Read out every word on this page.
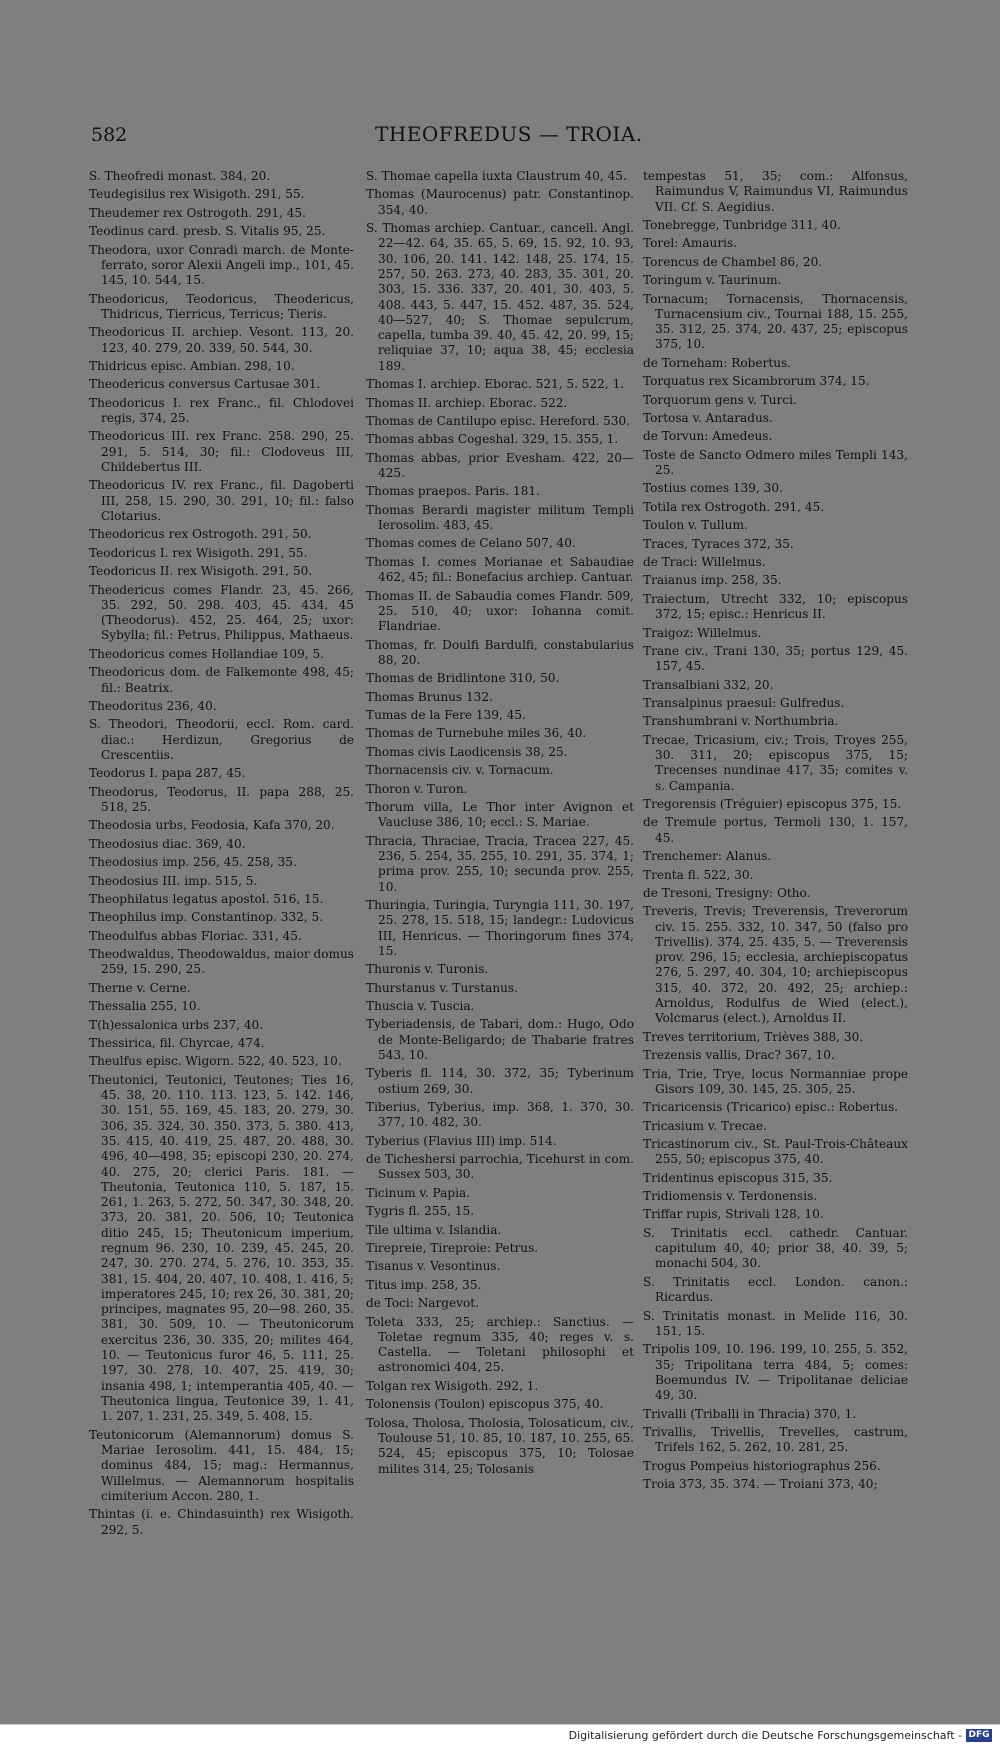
582	THEOFREDUS — TROIA.
S. Theofredi monast. 384, 20.
Teudegisilus rex Wisigoth. 291, 55.
Theudemer rex Ostrogoth. 291, 45.
Teodinus card. presb. S. Vitalis 95, 25.
Theodora, uxor Conradi march. de Monte-ferrato, soror Alexii Angeli imp., 101, 45. 145, 10. 544, 15.
Theodoricus, Teodoricus, Theodericus, Thidricus, Tierricus, Terricus; Tieris.
Theodoricus II. archiep. Vesont. 113, 20. 123, 40. 279, 20. 339, 50. 544, 30.
Thidricus episc. Ambian. 298, 10.
Theodericus conversus Cartusae 301.
Theodoricus I. rex Franc., fil. Chlodovei regis, 374, 25.
Theodoricus III. rex Franc. 258. 290, 25. 291, 5. 514, 30; fil.: Clodoveus III, Childebertus III.
Theodoricus IV. rex Franc., fil. Dagoberti III, 258, 15. 290, 30. 291, 10; fil.: falso Clotarius.
Theodoricus rex Ostrogoth. 291, 50.
Teodoricus I. rex Wisigoth. 291, 55.
Teodoricus II. rex Wisigoth. 291, 50.
Theodericus comes Flandr. 23, 45. 266, 35. 292, 50. 298. 403, 45. 434, 45 (Theodorus). 452, 25. 464, 25; uxor: Sybylla; fil.: Petrus, Philippus, Mathaeus.
Theodoricus comes Hollandiae 109, 5.
Theodoricus dom. de Falkemonte 498, 45; fil.: Beatrix.
Theodoritus 236, 40.
S. Theodori, Theodorii, eccl. Rom. card. diac.: Herdizun, Gregorius de Crescentiis.
Teodorus I. papa 287, 45.
Theodorus, Teodorus, II. papa 288, 25. 518, 25.
Theodosia urbs, Feodosia, Kafa 370, 20.
Theodosius diac. 369, 40.
Theodosius imp. 256, 45. 258, 35.
Theodosius III. imp. 515, 5.
Theophilatus legatus apostol. 516, 15.
Theophilus imp. Constantinop. 332, 5.
Theodulfus abbas Floriac. 331, 45.
Theodwaldus, Theodowaldus, maior domus 259, 15. 290, 25.
Therne v. Cerne.
Thessalia 255, 10.
T(h)essalonica urbs 237, 40.
Thessirica, fil. Chyrcae, 474.
Theulfus episc. Wigorn. 522, 40. 523, 10.
Theutonici, Teutonici, Teutones; Ties 16, 45. 38, 20. 110. 113. 123, 5. 142. 146, 30. 151, 55. 169, 45. 183, 20. 279, 30. 306, 35. 324, 30. 350. 373, 5. 380. 413, 35. 415, 40. 419, 25. 487, 20. 488, 30. 496, 40—498, 35; episcopi 230, 20. 274, 40. 275, 20; clerici Paris. 181. — Theutonia, Teutonica 110, 5. 187, 15. 261, 1. 263, 5. 272, 50. 347, 30. 348, 20. 373, 20. 381, 20. 506, 10; Teutonica ditio 245, 15; Theutonicum imperium, regnum 96. 230, 10. 239, 45. 245, 20. 247, 30. 270. 274, 5. 276, 10. 353, 35. 381, 15. 404, 20. 407, 10. 408, 1. 416, 5; imperatores 245, 10; rex 26, 30. 381, 20; principes, magnates 95, 20—98. 260, 35. 381, 30. 509, 10. — Theutonicorum exercitus 236, 30. 335, 20; milites 464, 10. — Teutonicus furor 46, 5. 111, 25. 197, 30. 278, 10. 407, 25. 419, 30; insania 498, 1; intemperantia 405, 40. — Theutonica lingua, Teutonice 39, 1. 41, 1. 207, 1. 231, 25. 349, 5. 408, 15.
Teutonicorum (Alemannorum) domus S. Mariae Ierosolim. 441, 15. 484, 15; dominus 484, 15; mag.: Hermannus, Willelmus. — Alemannorum hospitalis cimiterium Accon. 280, 1.
Thintas (i. e. Chindasuinth) rex Wisigoth. 292, 5.
S. Thomae capella iuxta Claustrum 40, 45.
Thomas (Maurocenus) patr. Constantinop. 354, 40.
S. Thomas archiep. Cantuar., cancell. Angl. 22—42. 64, 35. 65, 5. 69, 15. 92, 10. 93, 30. 106, 20. 141. 142. 148, 25. 174, 15. 257, 50. 263. 273, 40. 283, 35. 301, 20. 303, 15. 336. 337, 20. 401, 30. 403, 5. 408. 443, 5. 447, 15. 452. 487, 35. 524, 40—527, 40; S. Thomae sepulcrum, capella, tumba 39. 40, 45. 42, 20. 99, 15; reliquiae 37, 10; aqua 38, 45; ecclesia 189.
Thomas I. archiep. Eborac. 521, 5. 522, 1.
Thomas II. archiep. Eborac. 522.
Thomas de Cantilupo episc. Hereford. 530.
Thomas abbas Cogeshal. 329, 15. 355, 1.
Thomas abbas, prior Evesham. 422, 20—425.
Thomas praepos. Paris. 181.
Thomas Berardi magister militum Templi Ierosolim. 483, 45.
Thomas comes de Celano 507, 40.
Thomas I. comes Morianae et Sabaudiae 462, 45; fil.: Bonefacius archiep. Cantuar.
Thomas II. de Sabaudia comes Flandr. 509, 25. 510, 40; uxor: Iohanna comit. Flandriae.
Thomas, fr. Doulfi Bardulfi, constabularius 88, 20.
Thomas de Bridlintone 310, 50.
Thomas Brunus 132.
Tumas de la Fere 139, 45.
Thomas de Turnebuhe miles 36, 40.
Thomas civis Laodicensis 38, 25.
Thornacensis civ. v. Tornacum.
Thoron v. Turon.
Thorum villa, Le Thor inter Avignon et Vaucluse 386, 10; eccl.: S. Mariae.
Thracia, Thraciae, Tracia, Tracea 227, 45. 236, 5. 254, 35. 255, 10. 291, 35. 374, 1; prima prov. 255, 10; secunda prov. 255, 10.
Thuringia, Turingia, Turyngia 111, 30. 197, 25. 278, 15. 518, 15; landegr.: Ludovicus III, Henricus. — Thoringorum fines 374, 15.
Thuronis v. Turonis.
Thurstanus v. Turstanus.
Thuscia v. Tuscia.
Tyberiadensis, de Tabari, dom.: Hugo, Odo de Monte-Beligardo; de Thabarie fratres 543, 10.
Tyberis fl. 114, 30. 372, 35; Tyberinum ostium 269, 30.
Tiberius, Tyberius, imp. 368, 1. 370, 30. 377, 10. 482, 30.
Tyberius (Flavius III) imp. 514.
de Ticheshersi parrochia, Ticehurst in com. Sussex 503, 30.
Ticinum v. Papia.
Tygris fl. 255, 15.
Tile ultima v. Islandia.
Tirepreie, Tireproie: Petrus.
Tisanus v. Vesontinus.
Titus imp. 258, 35.
de Toci: Nargevot.
Toleta 333, 25; archiep.: Sanctius. — Toletae regnum 335, 40; reges v. s. Castella. — Toletani philosophi et astronomici 404, 25.
Tolgan rex Wisigoth. 292, 1.
Tolonensis (Toulon) episcopus 375, 40.
Tolosa, Tholosa, Tholosia, Tolosaticum, civ., Toulouse 51, 10. 85, 10. 187, 10. 255, 65. 524, 45; episcopus 375, 10; Tolosae milites 314, 25; Tolosanis
tempestas 51, 35; com.: Alfonsus, Raimundus V, Raimundus VI, Raimundus VII. Cf. S. Aegidius.
Tonebregge, Tunbridge 311, 40.
Torel: Amauris.
Torencus de Chambel 86, 20.
Toringum v. Taurinum.
Tornacum; Tornacensis, Thornacensis, Turnacensium civ., Tournai 188, 15. 255, 35. 312, 25. 374, 20. 437, 25; episcopus 375, 10.
de Torneham: Robertus.
Torquatus rex Sicambrorum 374, 15.
Torquorum gens v. Turci.
Tortosa v. Antaradus.
de Torvun: Amedeus.
Toste de Sancto Odmero miles Templi 143, 25.
Tostius comes 139, 30.
Totila rex Ostrogoth. 291, 45.
Toulon v. Tullum.
Traces, Tyraces 372, 35.
de Traci: Willelmus.
Traianus imp. 258, 35.
Traiectum, Utrecht 332, 10; episcopus 372, 15; episc.: Henricus II.
Traigoz: Willelmus.
Trane civ., Trani 130, 35; portus 129, 45. 157, 45.
Transalbiani 332, 20.
Transalpinus praesul: Gulfredus.
Transhumbrani v. Northumbria.
Trecae, Tricasium, civ.; Trois, Troyes 255, 30. 311, 20; episcopus 375, 15; Trecenses nundinae 417, 35; comites v. s. Campania.
Tregorensis (Tréguier) episcopus 375, 15.
de Tremule portus, Termoli 130, 1. 157, 45.
Trenchemer: Alanus.
Trenta fl. 522, 30.
de Tresoni, Tresigny: Otho.
Treveris, Trevis; Treverensis, Treverorum civ. 15. 255. 332, 10. 347, 50 (falso pro Trivellis). 374, 25. 435, 5. — Treverensis prov. 296, 15; ecclesia, archiepiscopatus 276, 5. 297, 40. 304, 10; archiepiscopus 315, 40. 372, 20. 492, 25; archiep.: Arnoldus, Rodulfus de Wied (elect.), Volcmarus (elect.), Arnoldus II.
Treves territorium, Trièves 388, 30.
Trezensis vallis, Drac? 367, 10.
Tria, Trie, Trye, locus Normanniae prope Gisors 109, 30. 145, 25. 305, 25.
Tricaricensis (Tricarico) episc.: Robertus.
Tricasium v. Trecae.
Tricastinorum civ., St. Paul-Trois-Châteaux 255, 50; episcopus 375, 40.
Tridentinus episcopus 315, 35.
Tridiomensis v. Terdonensis.
Triffar rupis, Strivali 128, 10.
S. Trinitatis eccl. cathedr. Cantuar. capitulum 40, 40; prior 38, 40. 39, 5; monachi 504, 30.
S. Trinitatis eccl. London. canon.: Ricardus.
S. Trinitatis monast. in Melide 116, 30. 151, 15.
Tripolis 109, 10. 196. 199, 10. 255, 5. 352, 35; Tripolitana terra 484, 5; comes: Boemundus IV. — Tripolitanae deliciae 49, 30.
Trivalli (Triballi in Thracia) 370, 1.
Trivallis, Trivellis, Trevelles, castrum, Trifels 162, 5. 262, 10. 281, 25.
Trogus Pompeius historiographus 256.
Troia 373, 35. 374. — Troiani 373, 40;
Digitalisierung gefördert durch die Deutsche Forschungsgemeinschaft - DFG
